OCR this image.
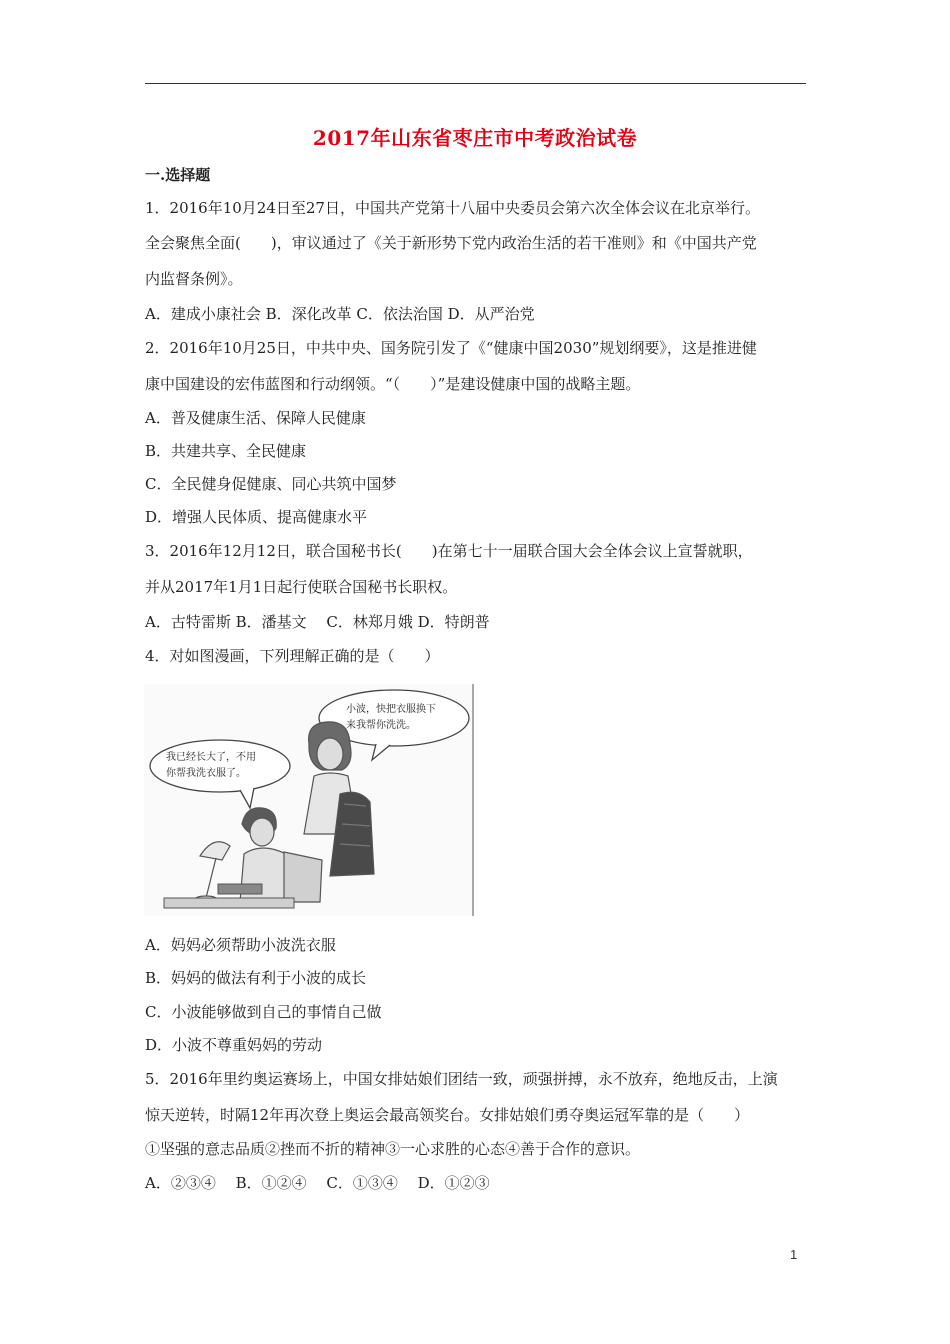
2017年山东省枣庄市中考政治试卷
一.选择题
1．2016年10月24日至27日，中国共产党第十八届中央委员会第六次全体会议在北京举行。
全会聚焦全面(　　)，审议通过了《关于新形势下党内政治生活的若干准则》和《中国共产党
内监督条例》。
A．建成小康社会 B．深化改革 C．依法治国 D．从严治党
2．2016年10月25日，中共中央、国务院引发了《“健康中国2030”规划纲要》，这是推进健
康中国建设的宏伟蓝图和行动纲领。“（　　）”是建设健康中国的战略主题。
A．普及健康生活、保障人民健康
B．共建共享、全民健康
C．全民健身促健康、同心共筑中国梦
D．增强人民体质、提高健康水平
3．2016年12月12日，联合国秘书长(　　)在第七十一届联合国大会全体会议上宣誓就职，
并从2017年1月1日起行使联合国秘书长职权。
A．古特雷斯 B．潘基文　 C．林郑月娥 D．特朗普
4．对如图漫画，下列理解正确的是（　　）
小波，快把衣服换下
来我帮你洗洗。
我已经长大了，不用
你帮我洗衣服了。
A．妈妈必须帮助小波洗衣服
B．妈妈的做法有利于小波的成长
C．小波能够做到自己的事情自己做
D．小波不尊重妈妈的劳动
5．2016年里约奥运赛场上，中国女排姑娘们团结一致，顽强拼搏，永不放弃，绝地反击，上演
惊天逆转，时隔12年再次登上奥运会最高领奖台。女排姑娘们勇夺奥运冠军靠的是（　　）
①坚强的意志品质②挫而不折的精神③一心求胜的心态④善于合作的意识。
A．②③④　 B．①②④　 C．①③④　 D．①②③
1
